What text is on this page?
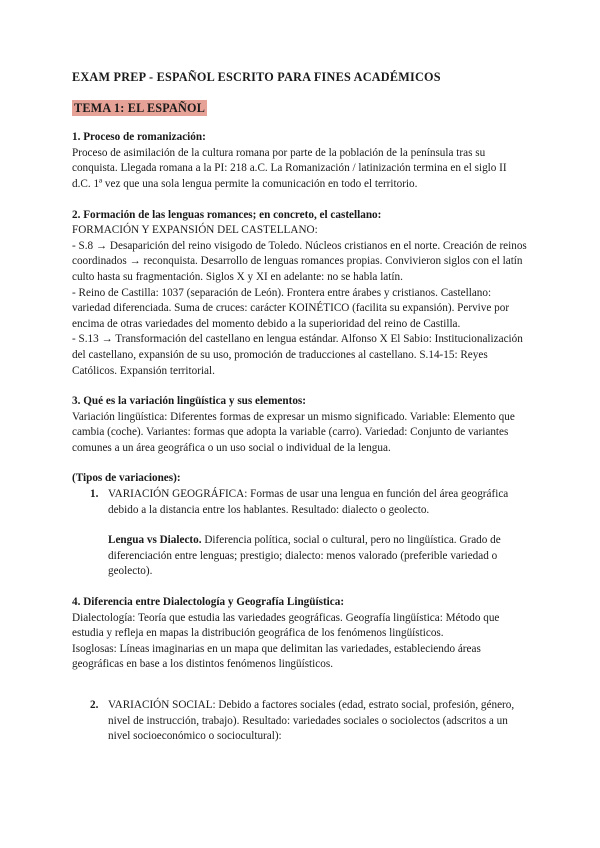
EXAM PREP - ESPAÑOL ESCRITO PARA FINES ACADÉMICOS
TEMA 1: EL ESPAÑOL

1. Proceso de romanización:

Proceso de asimilación de la cultura romana por parte de la población de la península tras su conquista. Llegada romana a la PI: 218 a.C. La Romanización / latinización termina en el siglo II d.C. 1ª vez que una sola lengua permite la comunicación en todo el territorio.

2. Formación de las lenguas romances; en concreto, el castellano:

FORMACIÓN Y EXPANSIÓN DEL CASTELLANO:

- S.8 → Desaparición del reino visigodo de Toledo. Núcleos cristianos en el norte. Creación de reinos coordinados → reconquista. Desarrollo de lenguas romances propias. Convivieron siglos con el latín culto hasta su fragmentación. Siglos X y XI en adelante: no se habla latín.

- Reino de Castilla: 1037 (separación de León). Frontera entre árabes y cristianos. Castellano: variedad diferenciada. Suma de cruces: carácter KOINÉTICO (facilita su expansión). Pervive por encima de otras variedades del momento debido a la superioridad del reino de Castilla.

- S.13 → Transformación del castellano en lengua estándar. Alfonso X El Sabio: Institucionalización del castellano, expansión de su uso, promoción de traducciones al castellano. S.14-15: Reyes Católicos. Expansión territorial.

3. Qué es la variación lingüística y sus elementos:

Variación lingüística: Diferentes formas de expresar un mismo significado. Variable: Elemento que cambia (coche). Variantes: formas que adopta la variable (carro). Variedad: Conjunto de variantes comunes a un área geográfica o un uso social o individual de la lengua.

(Tipos de variaciones):

1. VARIACIÓN GEOGRÁFICA: Formas de usar una lengua en función del área geográfica debido a la distancia entre los hablantes. Resultado: dialecto o geolecto.

Lengua vs Dialecto. Diferencia política, social o cultural, pero no lingüística. Grado de diferenciación entre lenguas; prestigio; dialecto: menos valorado (preferible variedad o geolecto).

4. Diferencia entre Dialectología y Geografía Lingüística:

Dialectología: Teoría que estudia las variedades geográficas. Geografía lingüística: Método que estudia y refleja en mapas la distribución geográfica de los fenómenos lingüísticos.

Isoglosas: Líneas imaginarias en un mapa que delimitan las variedades, estableciendo áreas geográficas en base a los distintos fenómenos lingüísticos.

2. VARIACIÓN SOCIAL: Debido a factores sociales (edad, estrato social, profesión, género, nivel de instrucción, trabajo). Resultado: variedades sociales o sociolectos (adscritos a un nivel socioeconómico o sociocultural):
